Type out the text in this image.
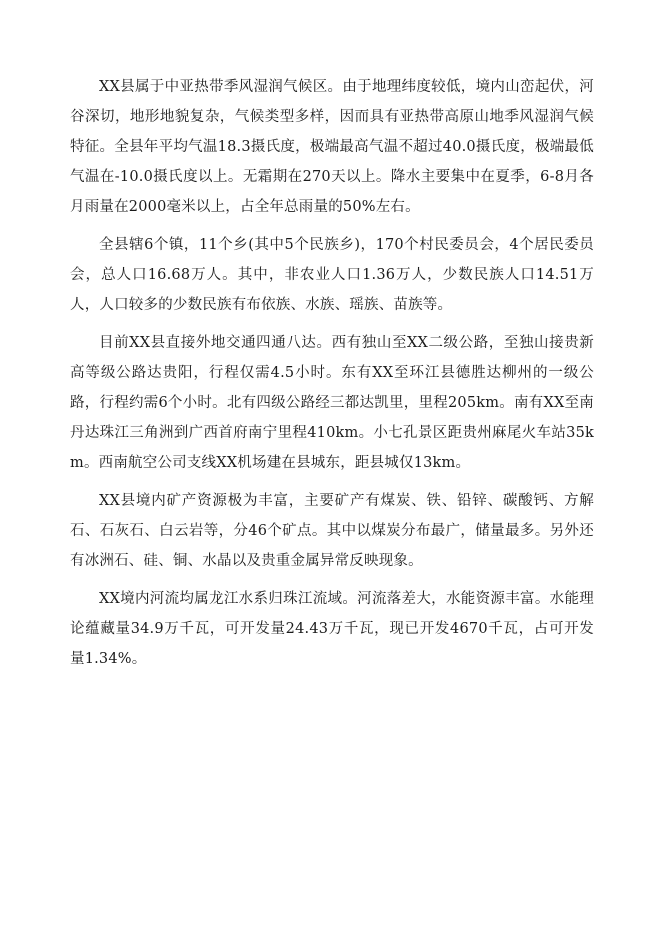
XX县属于中亚热带季风湿润气候区。由于地理纬度较低，境内山峦起伏，河谷深切，地形地貌复杂，气候类型多样，因而具有亚热带高原山地季风湿润气候特征。全县年平均气温18.3摄氏度，极端最高气温不超过40.0摄氏度，极端最低气温在-10.0摄氏度以上。无霜期在270天以上。降水主要集中在夏季，6-8月各月雨量在2000毫米以上，占全年总雨量的50%左右。

全县辖6个镇，11个乡(其中5个民族乡)，170个村民委员会，4个居民委员会，总人口16.68万人。其中，非农业人口1.36万人，少数民族人口14.51万人，人口较多的少数民族有布依族、水族、瑶族、苗族等。

目前XX县直接外地交通四通八达。西有独山至XX二级公路，至独山接贵新高等级公路达贵阳，行程仅需4.5小时。东有XX至环江县德胜达柳州的一级公路，行程约需6个小时。北有四级公路经三都达凯里，里程205km。南有XX至南丹达珠江三角洲到广西首府南宁里程410km。小七孔景区距贵州麻尾火车站35km。西南航空公司支线XX机场建在县城东，距县城仅13km。

XX县境内矿产资源极为丰富，主要矿产有煤炭、铁、铅锌、碳酸钙、方解石、石灰石、白云岩等，分46个矿点。其中以煤炭分布最广，储量最多。另外还有冰洲石、硅、铜、水晶以及贵重金属异常反映现象。

XX境内河流均属龙江水系归珠江流域。河流落差大，水能资源丰富。水能理论蕴藏量34.9万千瓦，可开发量24.43万千瓦，现已开发4670千瓦，占可开发量1.34%。
